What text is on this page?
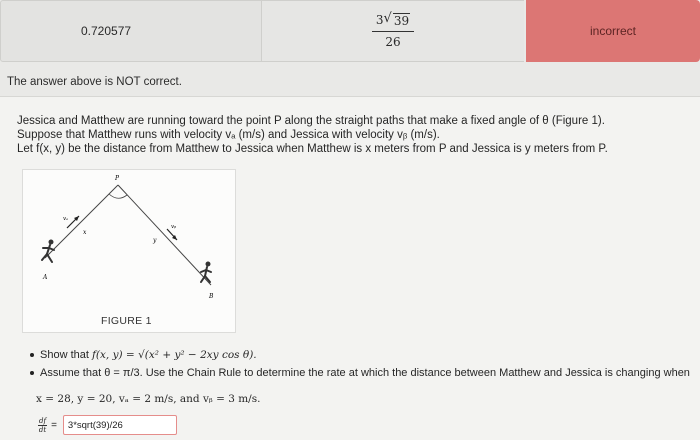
0.720577	$\frac{3 √ 39}{26}$	incorrect
The answer above is NOT correct.
Jessica and Matthew are running toward the point P along the straight paths that make a fixed angle of θ (Figure 1).
Suppose that Matthew runs with velocity vₐ (m/s) and Jessica with velocity vᵦ (m/s).
Let f(x, y) be the distance from Matthew to Jessica when Matthew is x meters from P and Jessica is y meters from P.
P
A
B
x
y
vₐ
vᵦ
FIGURE 1
Show that
f(x, y) = √(x² + y² − 2xy cos θ).
Assume that θ = π/3. Use the Chain Rule to determine the rate at which the distance between Matthew and Jessica is changing when
x = 28, y = 20, vₐ = 2 m/s, and vᵦ = 3 m/s.
$\frac{df}{dt}$ =
3*sqrt(39)/26
